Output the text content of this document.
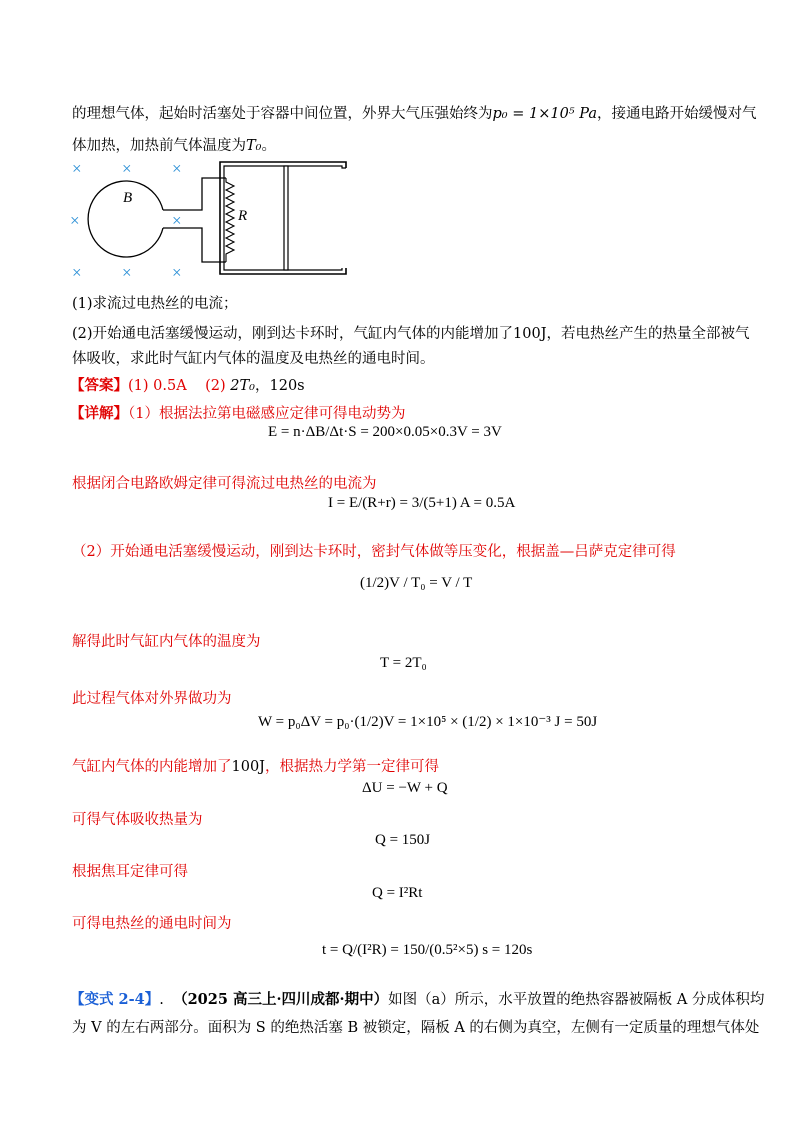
的理想气体，起始时活塞处于容器中间位置，外界大气压强始终为p₀ = 1×10⁵ Pa，接通电路开始缓慢对气
体加热，加热前气体温度为T₀。
× × ×
×	×
× × ×
B
R
(1)求流过电热丝的电流；
(2)开始通电活塞缓慢运动，刚到达卡环时，气缸内气体的内能增加了100J，若电热丝产生的热量全部被气
体吸收，求此时气缸内气体的温度及电热丝的通电时间。
【答案】(1) 0.5A (2) 2T₀，120s
【详解】（1）根据法拉第电磁感应定律可得电动势为
E = n·ΔB/Δt·S = 200×0.05×0.3V = 3V
根据闭合电路欧姆定律可得流过电热丝的电流为
I = E/(R+r) = 3/(5+1) A = 0.5A
（2）开始通电活塞缓慢运动，刚到达卡环时，密封气体做等压变化，根据盖—吕萨克定律可得
(1/2)V / T₀ = V / T
解得此时气缸内气体的温度为
T = 2T₀
此过程气体对外界做功为
W = p₀ΔV = p₀·(1/2)V = 1×10⁵ × (1/2) × 1×10⁻³ J = 50J
气缸内气体的内能增加了100J，根据热力学第一定律可得
ΔU = −W + Q
可得气体吸收热量为
Q = 150J
根据焦耳定律可得
Q = I²Rt
可得电热丝的通电时间为
t = Q/(I²R) = 150/(0.5²×5) s = 120s
【变式 2-4】. （2025 高三上·四川成都·期中）如图（a）所示，水平放置的绝热容器被隔板 A 分成体积均
为 V 的左右两部分。面积为 S 的绝热活塞 B 被锁定，隔板 A 的右侧为真空，左侧有一定质量的理想气体处
